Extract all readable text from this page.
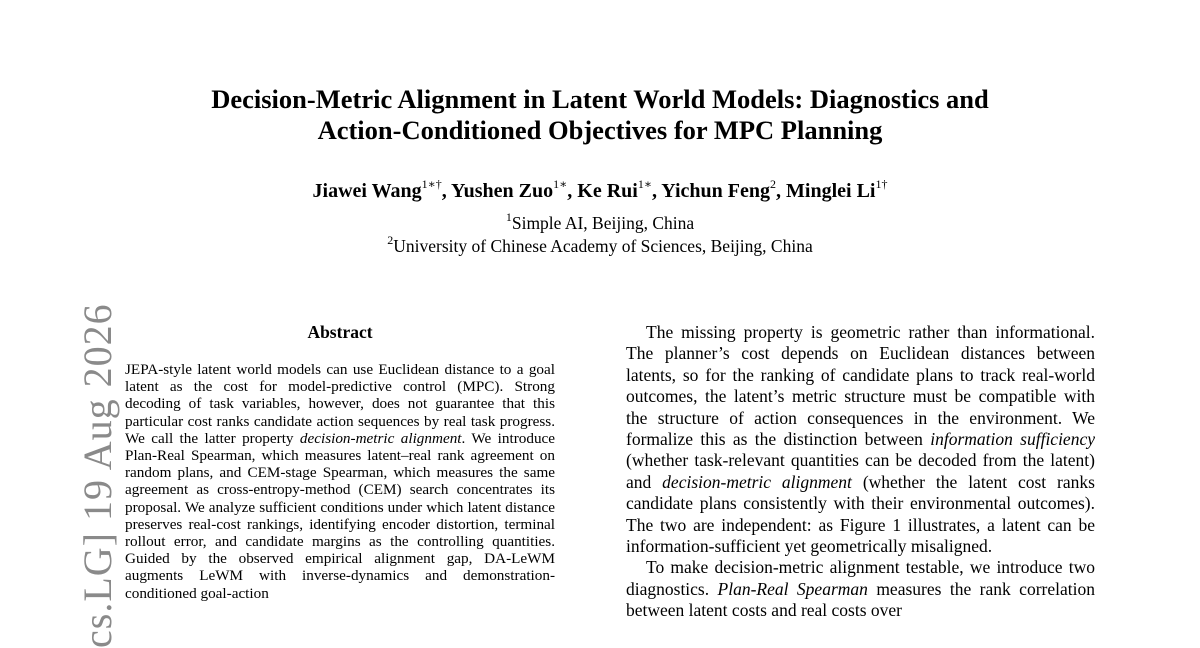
cs.LG] 19 Aug 2026
Decision-Metric Alignment in Latent World Models: Diagnostics and
Action-Conditioned Objectives for MPC Planning
Jiawei Wang$^{1∗\dagger}$, Yushen Zuo$^{1∗}$, Ke Rui$^{1∗}$, Yichun Feng$^2$, Minglei $Li^{1\dagger}$
$^1$Simple AI, Beijing, China
$^2$University of Chinese Academy of Sciences, Beijing, China
Abstract

JEPA-style latent world models can use Euclidean distance to a goal latent as the cost for model-predictive control (MPC). Strong decoding of task variables, however, does not guarantee that this particular cost ranks candidate action sequences by real task progress. We call the latter property decision-metric alignment. We introduce Plan-Real Spearman, which measures latent–real rank agreement on random plans, and CEM-stage Spearman, which measures the same agreement as cross-entropy-method (CEM) search concentrates its proposal. We analyze sufficient conditions under which latent distance preserves real-cost rankings, identifying encoder distortion, terminal rollout error, and candidate margins as the controlling quantities. Guided by the observed empirical alignment gap, DA-LeWM augments LeWM with inverse-dynamics and demonstration-conditioned goal-action

The missing property is geometric rather than informational. The planner’s cost depends on Euclidean distances between latents, so for the ranking of candidate plans to track real-world outcomes, the latent’s metric structure must be compatible with the structure of action consequences in the environment. We formalize this as the distinction between information sufficiency (whether task-relevant quantities can be decoded from the latent) and decision-metric alignment (whether the latent cost ranks candidate plans consistently with their environmental outcomes). The two are independent: as Figure 1 illustrates, a latent can be information-sufficient yet geometrically misaligned.

To make decision-metric alignment testable, we introduce two diagnostics. Plan-Real Spearman measures the rank correlation between latent costs and real costs over
